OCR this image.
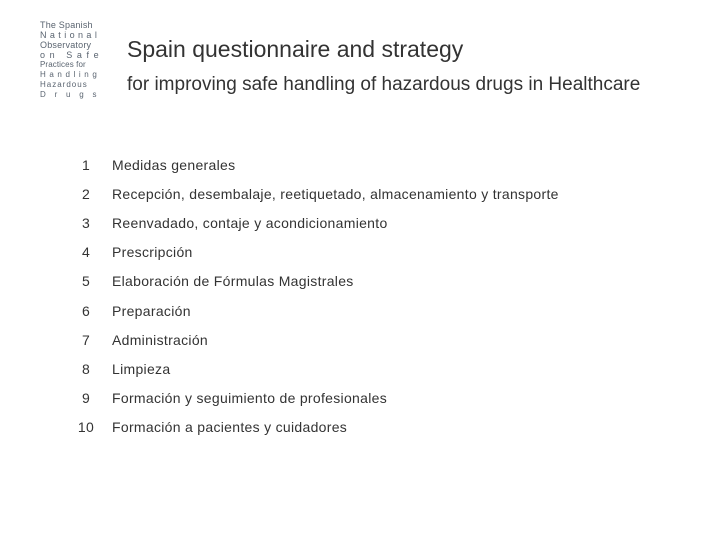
The Spanish
National
Observatory
on Safe
Practices for
Handling
Hazardous
Drugs
Spain questionnaire and strategy
for improving safe handling of hazardous drugs in Healthcare
1	Medidas generales
2	Recepción, desembalaje, reetiquetado, almacenamiento y transporte
3	Reenvadado, contaje y acondicionamiento
4	Prescripción
5	Elaboración de Fórmulas Magistrales
6	Preparación
7	Administración
8	Limpieza
9	Formación y seguimiento de profesionales
10	Formación a pacientes y cuidadores
